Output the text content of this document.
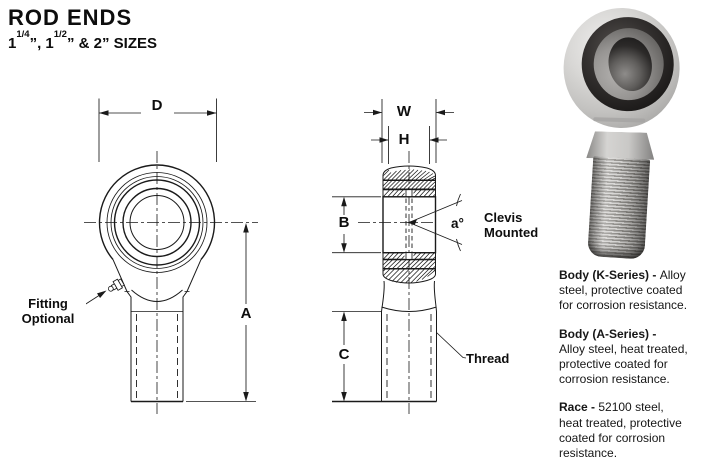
ROD ENDS
$1^{1/4}$”, $1^{1/2}$” & 2” SIZES
D
A
W
H
B
C
a°
Fitting
Optional
Clevis
Mounted
Thread

Body (K-Series) - Alloy
steel, protective coated
for corrosion resistance.

Body (A-Series) -
Alloy steel, heat treated,
protective coated for
corrosion resistance.

Race - 52100 steel,
heat treated, protective
coated for corrosion
resistance.
